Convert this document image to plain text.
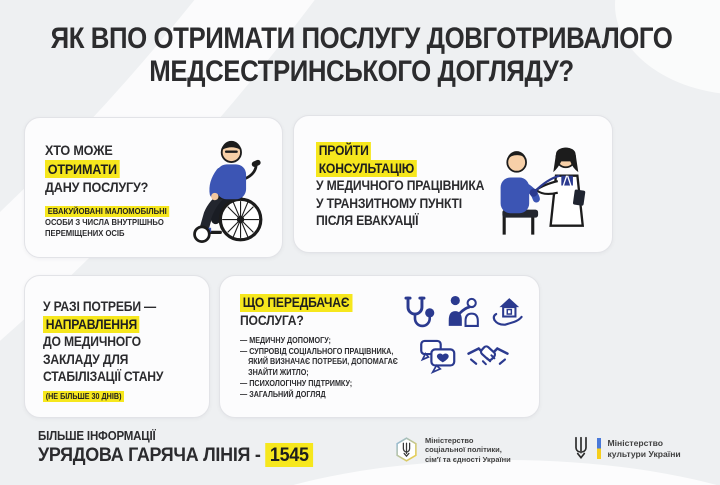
ЯК ВПО ОТРИМАТИ ПОСЛУГУ ДОВГОТРИВАЛОГО
МЕДСЕСТРИНСЬКОГО ДОГЛЯДУ?
ХТО МОЖЕ
ОТРИМАТИ
ДАНУ ПОСЛУГУ?
ЕВАКУЙОВАНІ МАЛОМОБІЛЬНІ
ОСОБИ З ЧИСЛА ВНУТРІШНЬО
ПЕРЕМІЩЕНИХ ОСІБ
ПРОЙТИ
КОНСУЛЬТАЦІЮ
У МЕДИЧНОГО ПРАЦІВНИКА
У ТРАНЗИТНОМУ ПУНКТІ
ПІСЛЯ ЕВАКУАЦІЇ
У РАЗІ ПОТРЕБИ —
НАПРАВЛЕННЯ
ДО МЕДИЧНОГО
ЗАКЛАДУ ДЛЯ
СТАБІЛІЗАЦІЇ СТАНУ
(НЕ БІЛЬШЕ 30 ДНІВ)
ЩО ПЕРЕДБАЧАЄ
ПОСЛУГА?
— МЕДИЧНУ ДОПОМОГУ;
— СУПРОВІД СОЦІАЛЬНОГО ПРАЦІВНИКА, ЯКИЙ ВИЗНАЧАЄ ПОТРЕБИ, ДОПОМАГАЄ ЗНАЙТИ ЖИТЛО;
— ПСИХОЛОГІЧНУ ПІДТРИМКУ;
— ЗАГАЛЬНИЙ ДОГЛЯД
БІЛЬШЕ ІНФОРМАЦІЇ
УРЯДОВА ГАРЯЧА ЛІНІЯ - 1545
Міністерство
соціальної політики,
сім'ї та єдності України
Міністерство
культури України
